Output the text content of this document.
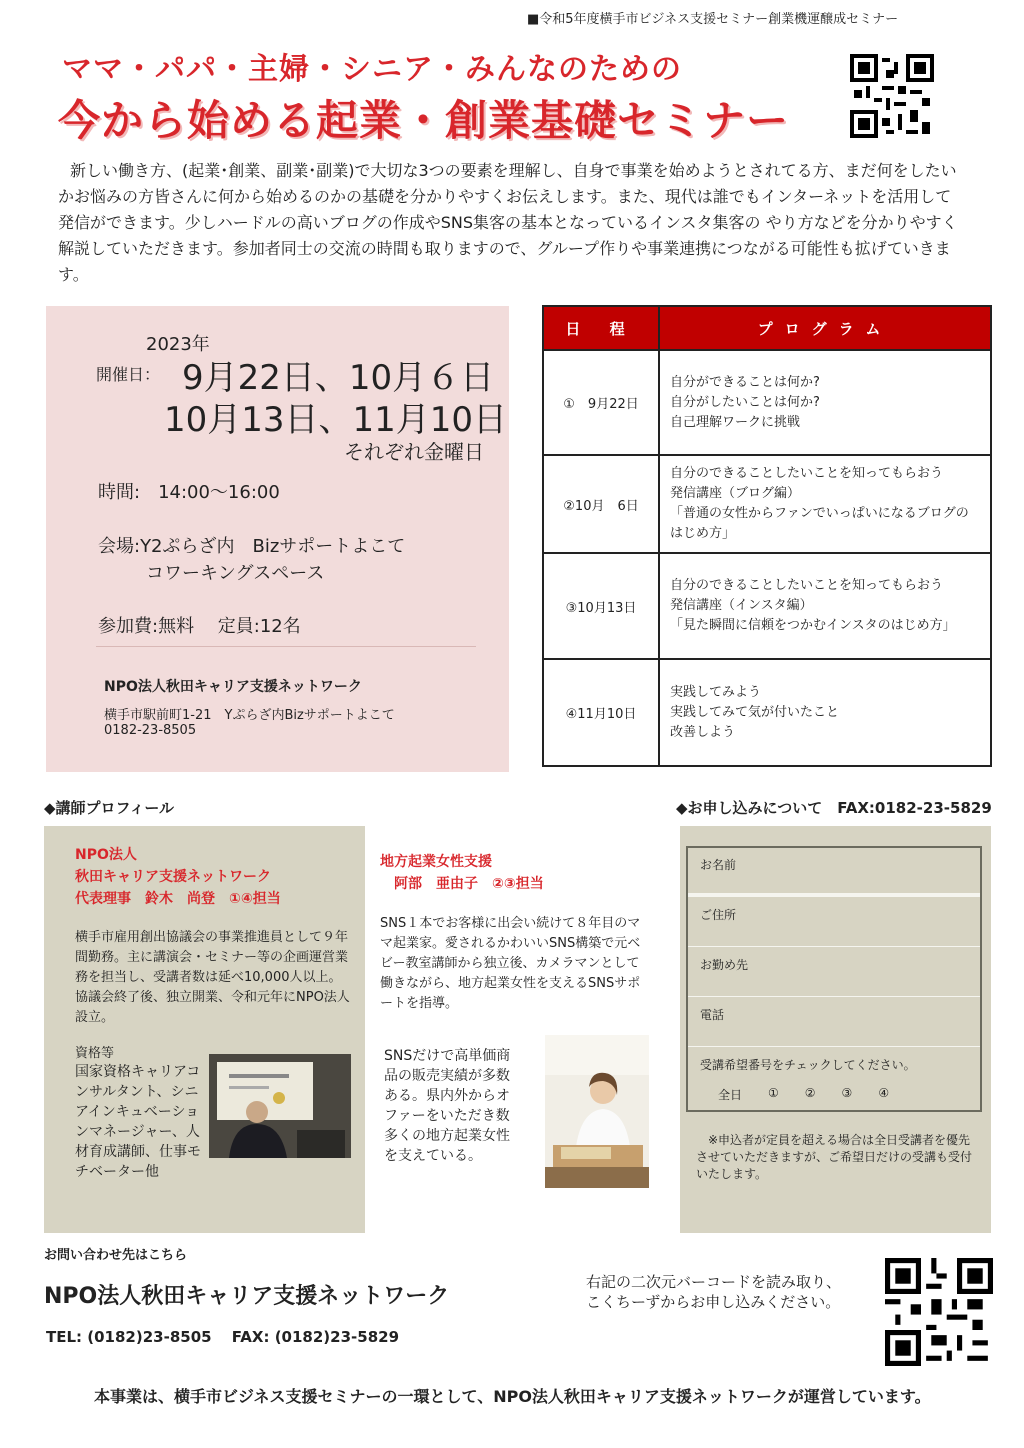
■令和5年度横手市ビジネス支援セミナー創業機運醸成セミナー
ママ・パパ・主婦・シニア・みんなのための
今から始める起業・創業基礎セミナー
新しい働き方、(起業･創業、副業･副業)で大切な3つの要素を理解し、自身で事業を始めようとされてる方、まだ何をしたいかお悩みの方皆さんに何から始めるのかの基礎を分かりやすくお伝えします。また、現代は誰でもインターネットを活用して発信ができます。少しハードルの高いブログの作成やSNS集客の基本となっているインスタ集客の やり方などを分かりやすく解説していただきます。参加者同士の交流の時間も取りますので、グループ作りや事業連携につながる可能性も拡げていきます。
2023年
開催日： 9月22日、10月６日
10月13日、11月10日
それぞれ金曜日
時間:　14:00～16:00
会場:Y2ぷらざ内　Bizサポートよこて
コワーキングスペース
参加費:無料　 定員:12名
NPO法人秋田キャリア支援ネットワーク
横手市駅前町1-21　Yぷらざ内Bizサポートよこて
0182-23-8505
日 程	プログラム
①　9月22日	自分ができることは何か?
自分がしたいことは何か?
自己理解ワークに挑戦

②10月　6日	自分のできることしたいことを知ってもらおう
発信講座（ブログ編）
「普通の女性からファンでいっぱいになるブログのはじめ方」

③10月13日	自分のできることしたいことを知ってもらおう
発信講座（インスタ編）
「見た瞬間に信頼をつかむインスタのはじめ方」

④11月10日	実践してみよう
実践してみて気が付いたこと
改善しよう
◆講師プロフィール	◆お申し込みについて　FAX:0182-23-5829
NPO法人
秋田キャリア支援ネットワーク
代表理事　鈴木　尚登　①④担当
横手市雇用創出協議会の事業推進員として９年間勤務。主に講演会・セミナー等の企画運営業務を担当し、受講者数は延べ10,000人以上。協議会終了後、独立開業、令和元年にNPO法人設立。
資格等
国家資格キャリアコンサルタント、シニアインキュベーションマネージャー、人材育成講師、仕事モチベーター他
地方起業女性支援
阿部　亜由子　②③担当
SNS１本でお客様に出会い続けて８年目のママ起業家。愛されるかわいいSNS構築で元ベビー教室講師から独立後、カメラマンとして働きながら、地方起業女性を支えるSNSサポートを指導。
SNSだけで高単価商品の販売実績が多数ある。県内外からオファーをいただき数多くの地方起業女性を支えている。
お名前
ご住所
お勤め先
電話
受講希望番号をチェックしてください。
全日 ① ② ③ ④
※申込者が定員を超える場合は全日受講者を優先させていただきますが、ご希望日だけの受講も受付いたします。
お問い合わせ先はこちら
NPO法人秋田キャリア支援ネットワーク
TEL: (0182)23-8505　 FAX: (0182)23-5829
右記の二次元バーコードを読み取り、
こくちーずからお申し込みください。
本事業は、横手市ビジネス支援セミナーの一環として、NPO法人秋田キャリア支援ネットワークが運営しています。
